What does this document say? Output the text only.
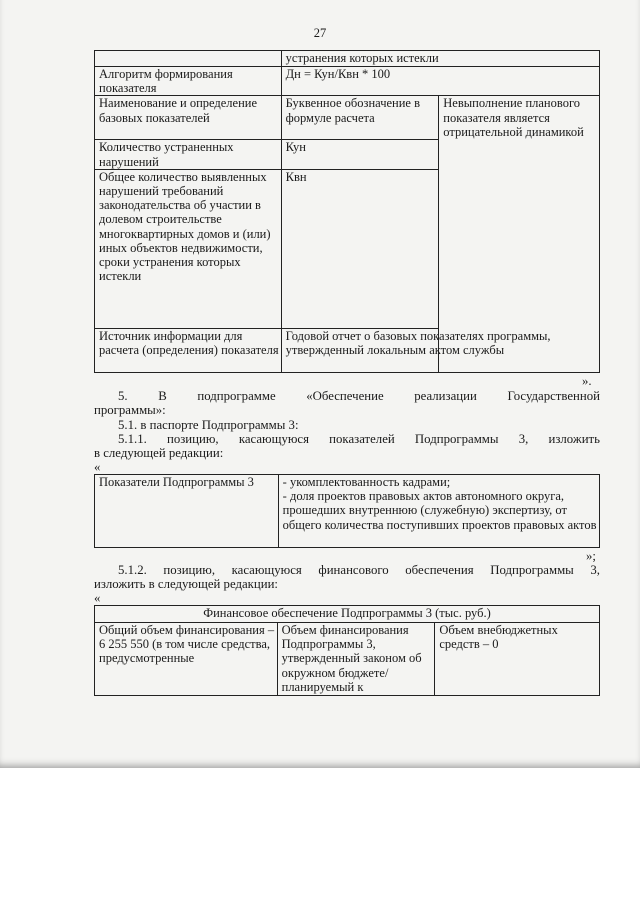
27
	устранения которых истекли	
Алгоритм формирования показателя	Дн = Кун/Квн * 100	
Наименование и определение базовых показателей	Буквенное обозначение в формуле расчета	Невыполнение планового показателя является отрицательной динамикой
Количество устраненных нарушений	Кун	
Общее количество выявленных нарушений требований законодательства об участии в долевом строительстве многоквартирных домов и (или) иных объектов недвижимости, сроки устранения которых истекли	Квн	
Источник информации для расчета (определения) показателя	Годовой отчет о базовых показателях программы, утвержденный локальным актом службы	
».
5. В подпрограмме «Обеспечение реализации Государственной
программы»:
5.1. в паспорте Подпрограммы 3:
5.1.1. позицию, касающуюся показателей Подпрограммы 3, изложить
в следующей редакции:
«
Показатели Подпрограммы 3	- укомплектованность кадрами;
- доля проектов правовых актов автономного округа, прошедших внутреннюю (служебную) экспертизу, от общего количества поступивших проектов правовых актов
»;
5.1.2. позицию, касающуюся финансового обеспечения Подпрограммы 3,
изложить в следующей редакции:
«
Финансовое обеспечение Подпрограммы 3 (тыс. руб.)
Общий объем финансирования – 6 255 550 (в том числе средства, предусмотренные	Объем финансирования Подпрограммы 3, утвержденный законом об окружном бюджете/ планируемый к	Объем внебюджетных средств – 0
